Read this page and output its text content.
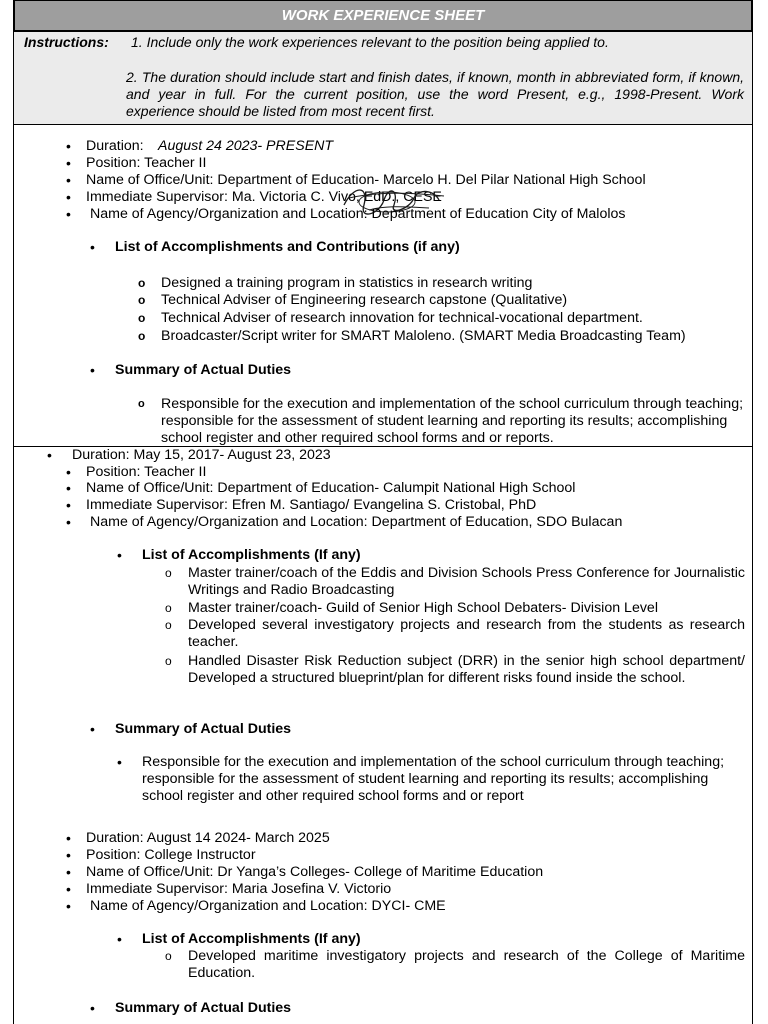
WORK EXPERIENCE SHEET
Instructions: 1. Include only the work experiences relevant to the position being applied to.
2. The duration should include start and finish dates, if known, month in abbreviated form, if known, and year in full. For the current position, use the word Present, e.g., 1998-Present. Work experience should be listed from most recent first.
• Duration: August 24 2023- PRESENT
• Position: Teacher II
• Name of Office/Unit: Department of Education- Marcelo H. Del Pilar National High School
• Immediate Supervisor: Ma. Victoria C. Vivo, EdD., CESE
• Name of Agency/Organization and Location: Department of Education City of Malolos
• List of Accomplishments and Contributions (if any)
o Designed a training program in statistics in research writing
o Technical Adviser of Engineering research capstone (Qualitative)
o Technical Adviser of research innovation for technical-vocational department.
o Broadcaster/Script writer for SMART Maloleno. (SMART Media Broadcasting Team)
• Summary of Actual Duties
o Responsible for the execution and implementation of the school curriculum through teaching; responsible for the assessment of student learning and reporting its results; accomplishing school register and other required school forms and or reports.
• Duration: May 15, 2017- August 23, 2023
• Position: Teacher II
• Name of Office/Unit: Department of Education- Calumpit National High School
• Immediate Supervisor: Efren M. Santiago/ Evangelina S. Cristobal, PhD
• Name of Agency/Organization and Location: Department of Education, SDO Bulacan
• List of Accomplishments (If any)
o Master trainer/coach of the Eddis and Division Schools Press Conference for Journalistic Writings and Radio Broadcasting
o Master trainer/coach- Guild of Senior High School Debaters- Division Level
o Developed several investigatory projects and research from the students as research teacher.
o Handled Disaster Risk Reduction subject (DRR) in the senior high school department/ Developed a structured blueprint/plan for different risks found inside the school.
• Summary of Actual Duties
• Responsible for the execution and implementation of the school curriculum through teaching; responsible for the assessment of student learning and reporting its results; accomplishing school register and other required school forms and or report
• Duration: August 14 2024- March 2025
• Position: College Instructor
• Name of Office/Unit: Dr Yanga’s Colleges- College of Maritime Education
• Immediate Supervisor: Maria Josefina V. Victorio
• Name of Agency/Organization and Location: DYCI- CME
• List of Accomplishments (If any)
o Developed maritime investigatory projects and research of the College of Maritime Education.
• Summary of Actual Duties
